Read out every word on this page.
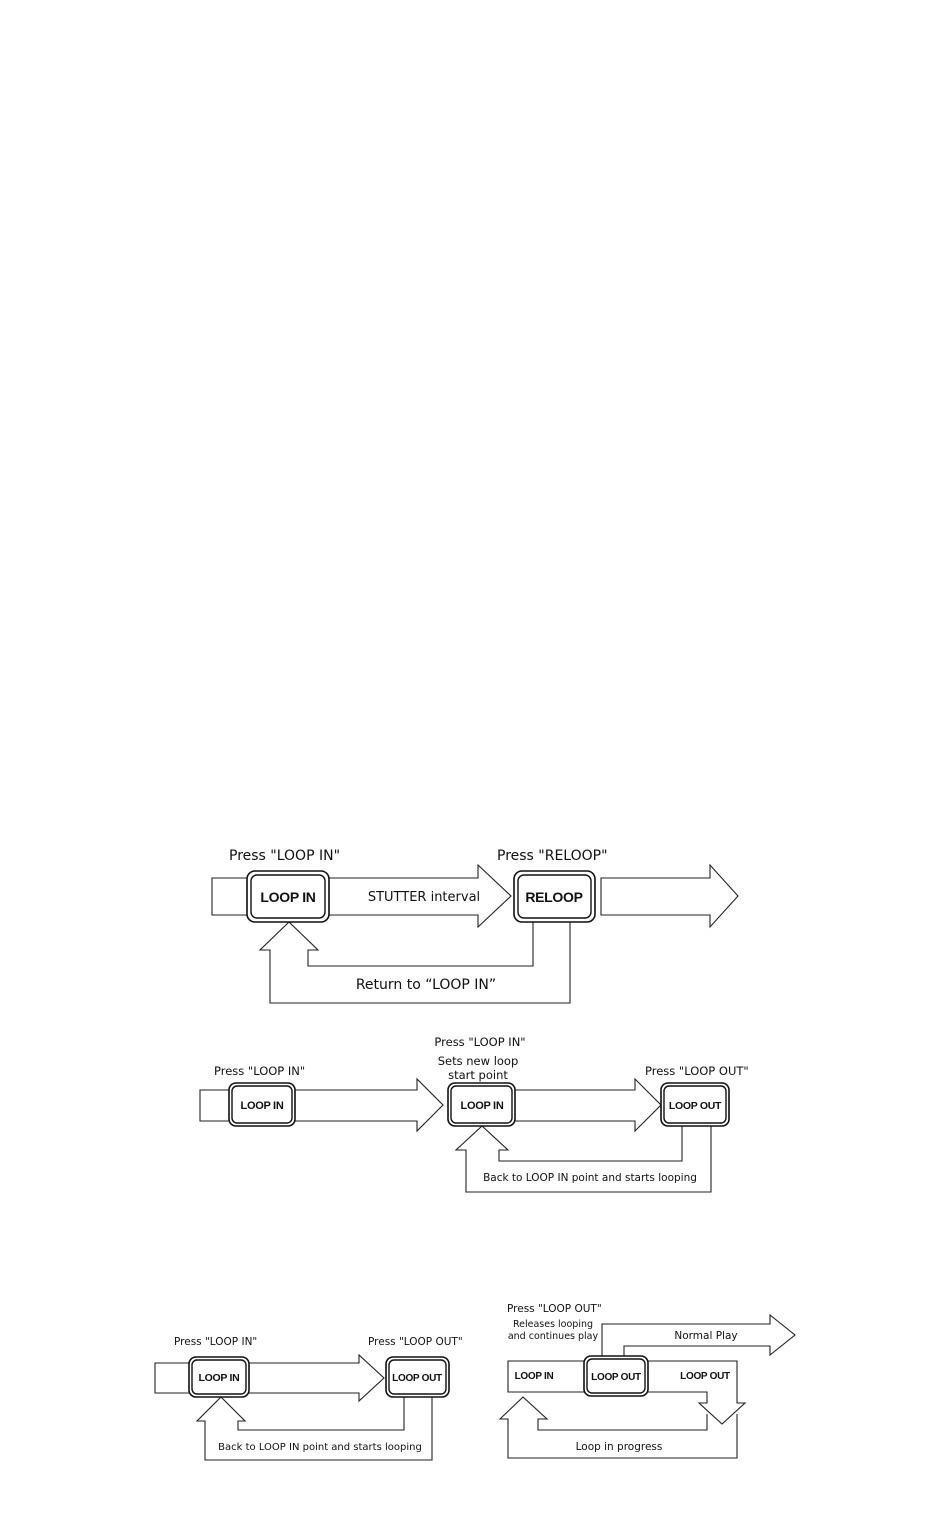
LOOP IN	RELOOP
Press "LOOP IN"	Press "RELOOP"
STUTTER interval
Return to “LOOP IN”
LOOP IN	LOOP IN	LOOP OUT
Press "LOOP IN"
Press "LOOP IN"
Sets new loop
start point	Press "LOOP OUT"
Back to LOOP IN point and starts looping
LOOP IN	LOOP OUT
Press "LOOP IN"	Press "LOOP OUT"
Back to LOOP IN point and starts looping
LOOP OUT
LOOP IN	LOOP OUT
Press "LOOP OUT"
Releases looping
and continues play	Normal Play
Loop in progress
